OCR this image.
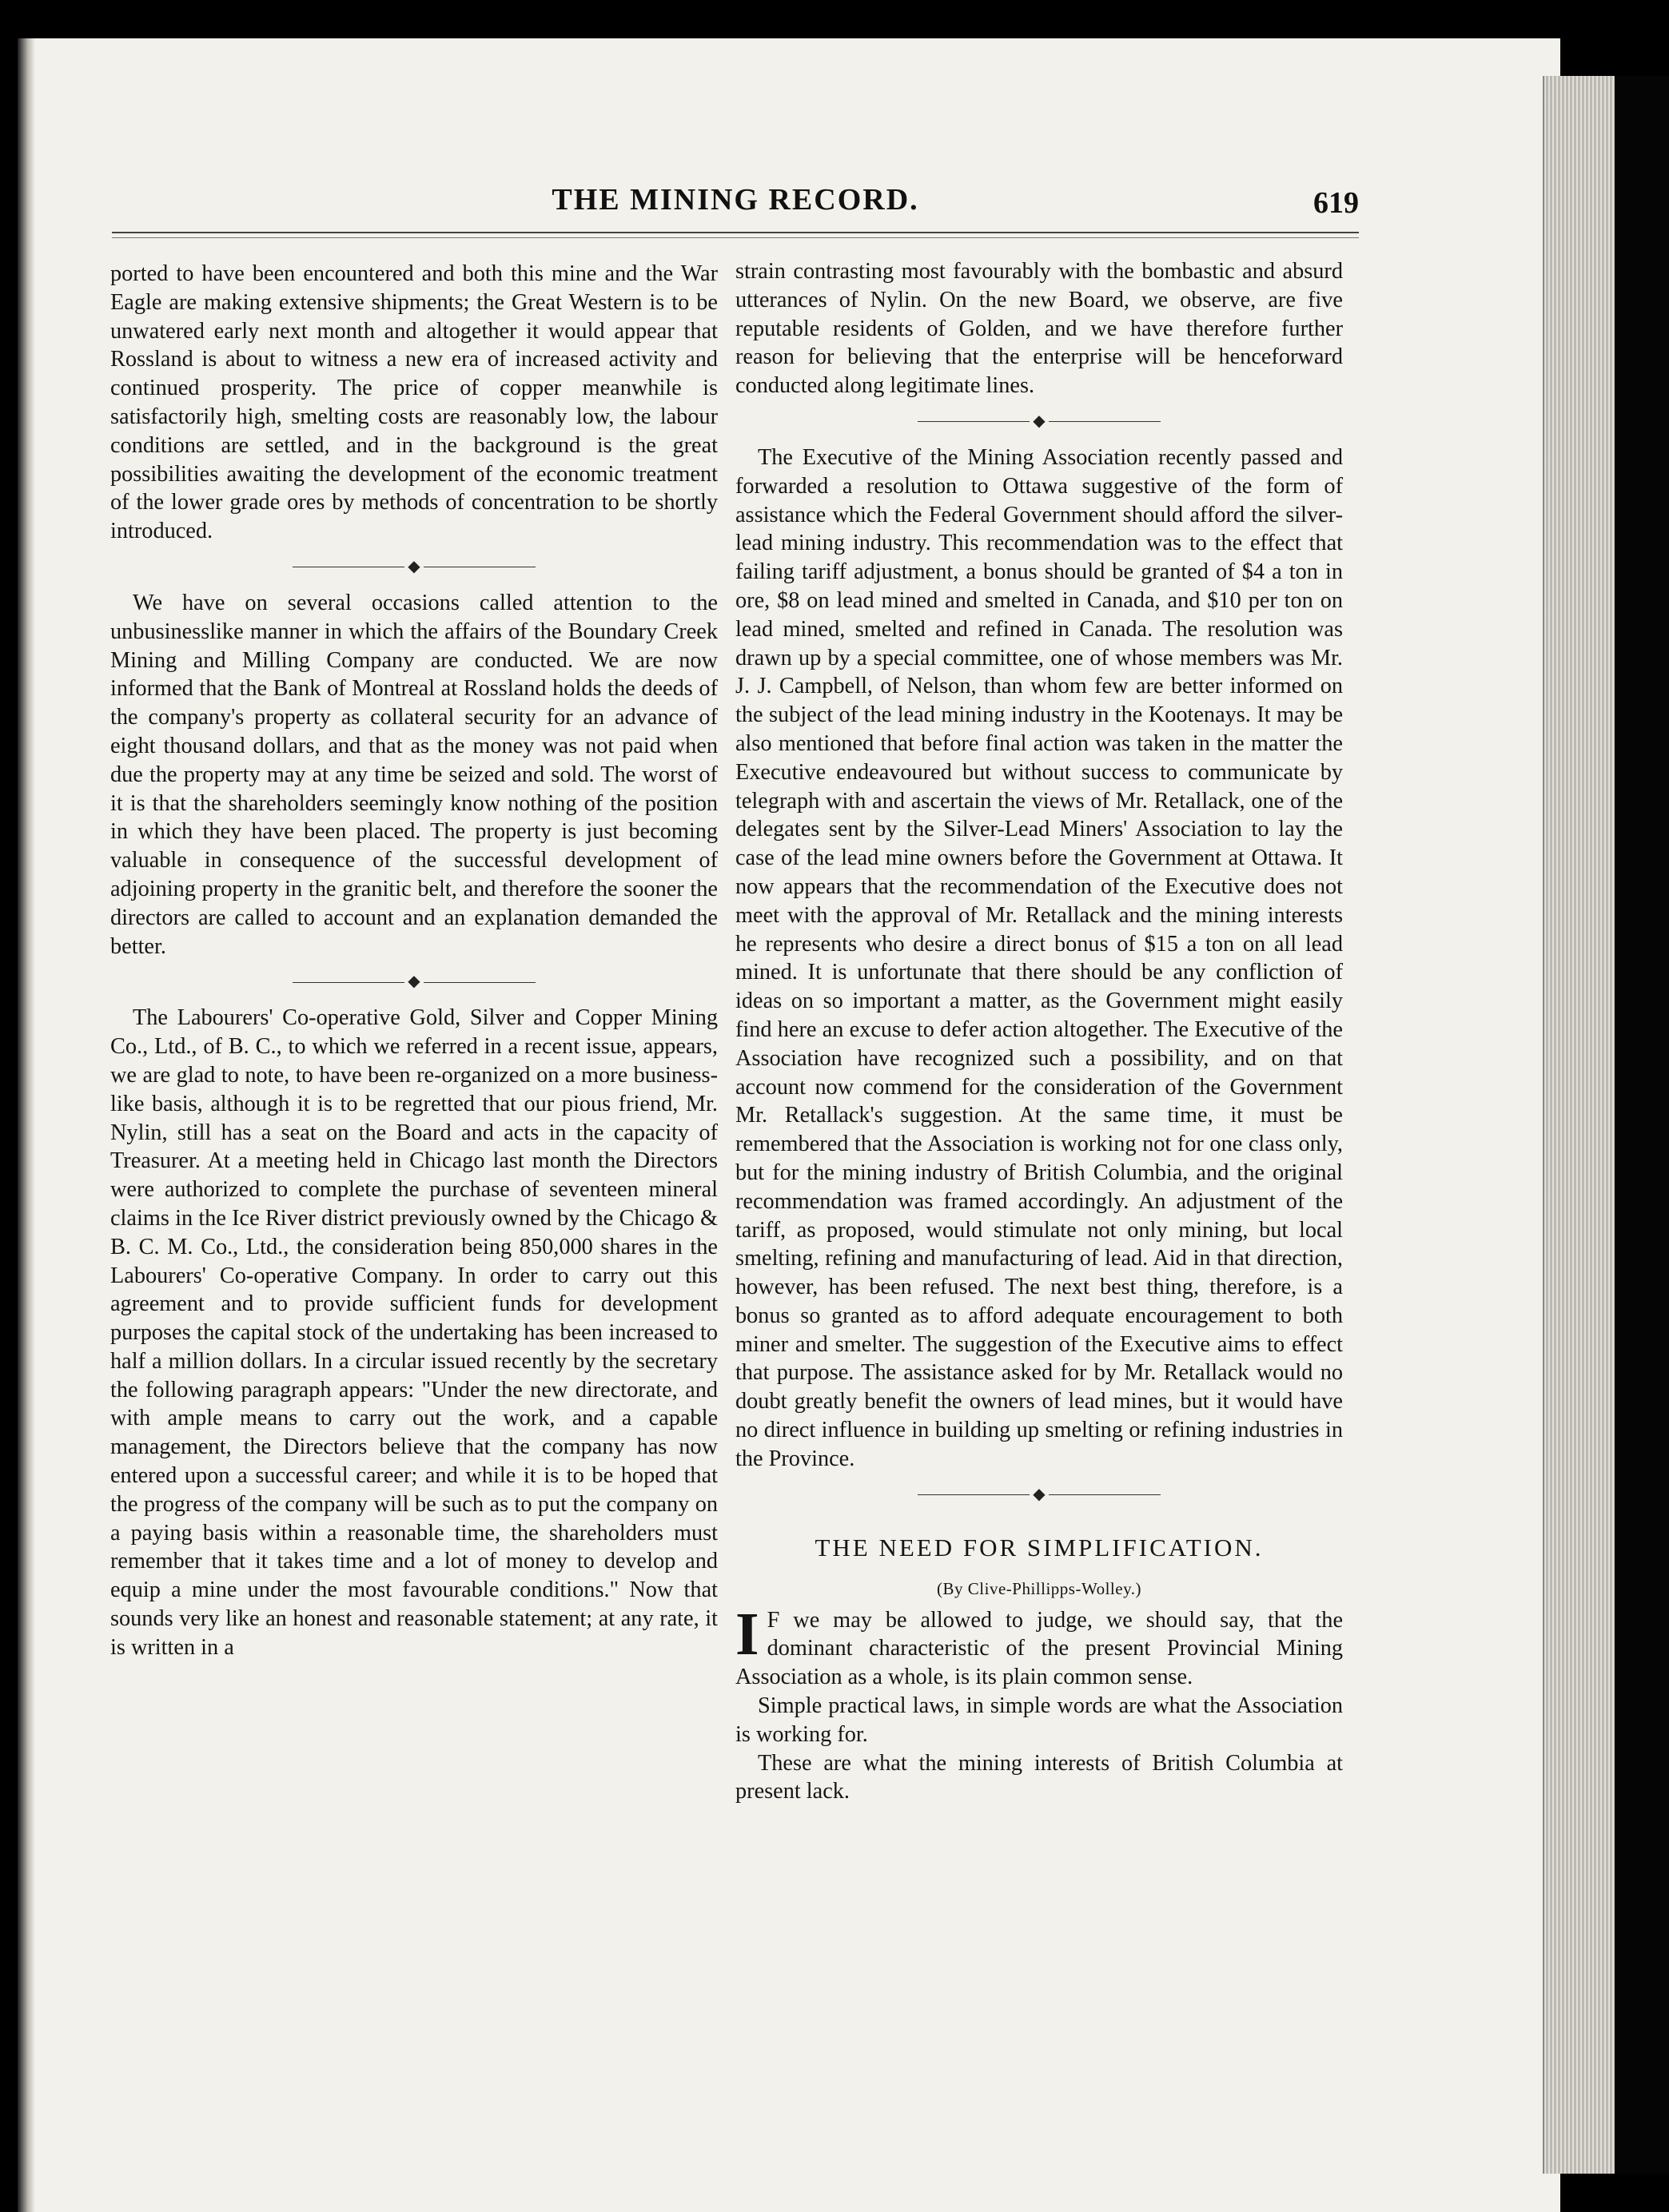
THE MINING RECORD.	619

ported to have been encountered and both this mine and the War Eagle are making extensive shipments; the Great Western is to be unwatered early next month and altogether it would appear that Rossland is about to witness a new era of increased activity and continued prosperity. The price of copper meanwhile is satisfactorily high, smelting costs are reasonably low, the labour conditions are settled, and in the background is the great possibilities awaiting the development of the economic treatment of the lower grade ores by methods of concentration to be shortly introduced.

◆

We have on several occasions called attention to the unbusinesslike manner in which the affairs of the Boundary Creek Mining and Milling Company are conducted. We are now informed that the Bank of Montreal at Rossland holds the deeds of the company's property as collateral security for an advance of eight thousand dollars, and that as the money was not paid when due the property may at any time be seized and sold. The worst of it is that the shareholders seemingly know nothing of the position in which they have been placed. The property is just becoming valuable in consequence of the successful development of adjoining property in the granitic belt, and therefore the sooner the directors are called to account and an explanation demanded the better.

◆

The Labourers' Co-operative Gold, Silver and Copper Mining Co., Ltd., of B. C., to which we referred in a recent issue, appears, we are glad to note, to have been re-organized on a more business-like basis, although it is to be regretted that our pious friend, Mr. Nylin, still has a seat on the Board and acts in the capacity of Treasurer. At a meeting held in Chicago last month the Directors were authorized to complete the purchase of seventeen mineral claims in the Ice River district previously owned by the Chicago & B. C. M. Co., Ltd., the consideration being 850,000 shares in the Labourers' Co-operative Company. In order to carry out this agreement and to provide sufficient funds for development purposes the capital stock of the undertaking has been increased to half a million dollars. In a circular issued recently by the secretary the following paragraph appears: "Under the new directorate, and with ample means to carry out the work, and a capable management, the Directors believe that the company has now entered upon a successful career; and while it is to be hoped that the progress of the company will be such as to put the company on a paying basis within a reasonable time, the shareholders must remember that it takes time and a lot of money to develop and equip a mine under the most favourable conditions." Now that sounds very like an honest and reasonable statement; at any rate, it is written in a

strain contrasting most favourably with the bombastic and absurd utterances of Nylin. On the new Board, we observe, are five reputable residents of Golden, and we have therefore further reason for believing that the enterprise will be henceforward conducted along legitimate lines.

◆

The Executive of the Mining Association recently passed and forwarded a resolution to Ottawa suggestive of the form of assistance which the Federal Government should afford the silver-lead mining industry. This recommendation was to the effect that failing tariff adjustment, a bonus should be granted of $4 a ton in ore, $8 on lead mined and smelted in Canada, and $10 per ton on lead mined, smelted and refined in Canada. The resolution was drawn up by a special committee, one of whose members was Mr. J. J. Campbell, of Nelson, than whom few are better informed on the subject of the lead mining industry in the Kootenays. It may be also mentioned that before final action was taken in the matter the Executive endeavoured but without success to communicate by telegraph with and ascertain the views of Mr. Retallack, one of the delegates sent by the Silver-Lead Miners' Association to lay the case of the lead mine owners before the Government at Ottawa. It now appears that the recommendation of the Executive does not meet with the approval of Mr. Retallack and the mining interests he represents who desire a direct bonus of $15 a ton on all lead mined. It is unfortunate that there should be any confliction of ideas on so important a matter, as the Government might easily find here an excuse to defer action altogether. The Executive of the Association have recognized such a possibility, and on that account now commend for the consideration of the Government Mr. Retallack's suggestion. At the same time, it must be remembered that the Association is working not for one class only, but for the mining industry of British Columbia, and the original recommendation was framed accordingly. An adjustment of the tariff, as proposed, would stimulate not only mining, but local smelting, refining and manufacturing of lead. Aid in that direction, however, has been refused. The next best thing, therefore, is a bonus so granted as to afford adequate encouragement to both miner and smelter. The suggestion of the Executive aims to effect that purpose. The assistance asked for by Mr. Retallack would no doubt greatly benefit the owners of lead mines, but it would have no direct influence in building up smelting or refining industries in the Province.

◆
THE NEED FOR SIMPLIFICATION.
(By Clive-Phillipps-Wolley.)

I F we may be allowed to judge, we should say, that the dominant characteristic of the present Provincial Mining Association as a whole, is its plain common sense.

Simple practical laws, in simple words are what the Association is working for.

These are what the mining interests of British Columbia at present lack.
